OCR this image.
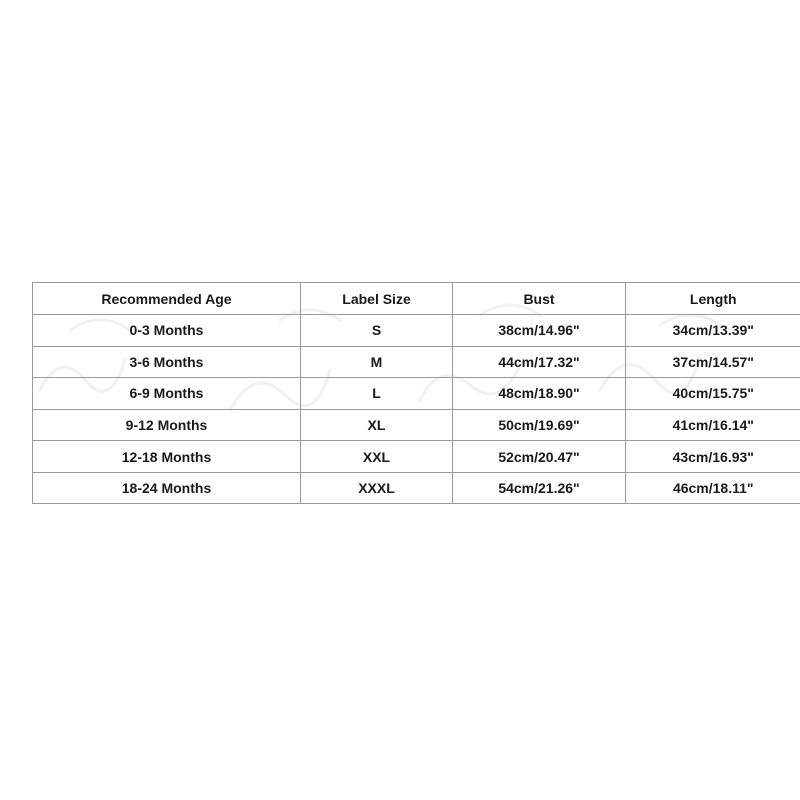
Recommended Age	Label Size	Bust	Length
0-3 Months	S	38cm/14.96"	34cm/13.39"
3-6 Months	M	44cm/17.32"	37cm/14.57"
6-9 Months	L	48cm/18.90"	40cm/15.75"
9-12 Months	XL	50cm/19.69"	41cm/16.14"
12-18 Months	XXL	52cm/20.47"	43cm/16.93"
18-24 Months	XXXL	54cm/21.26"	46cm/18.11"
